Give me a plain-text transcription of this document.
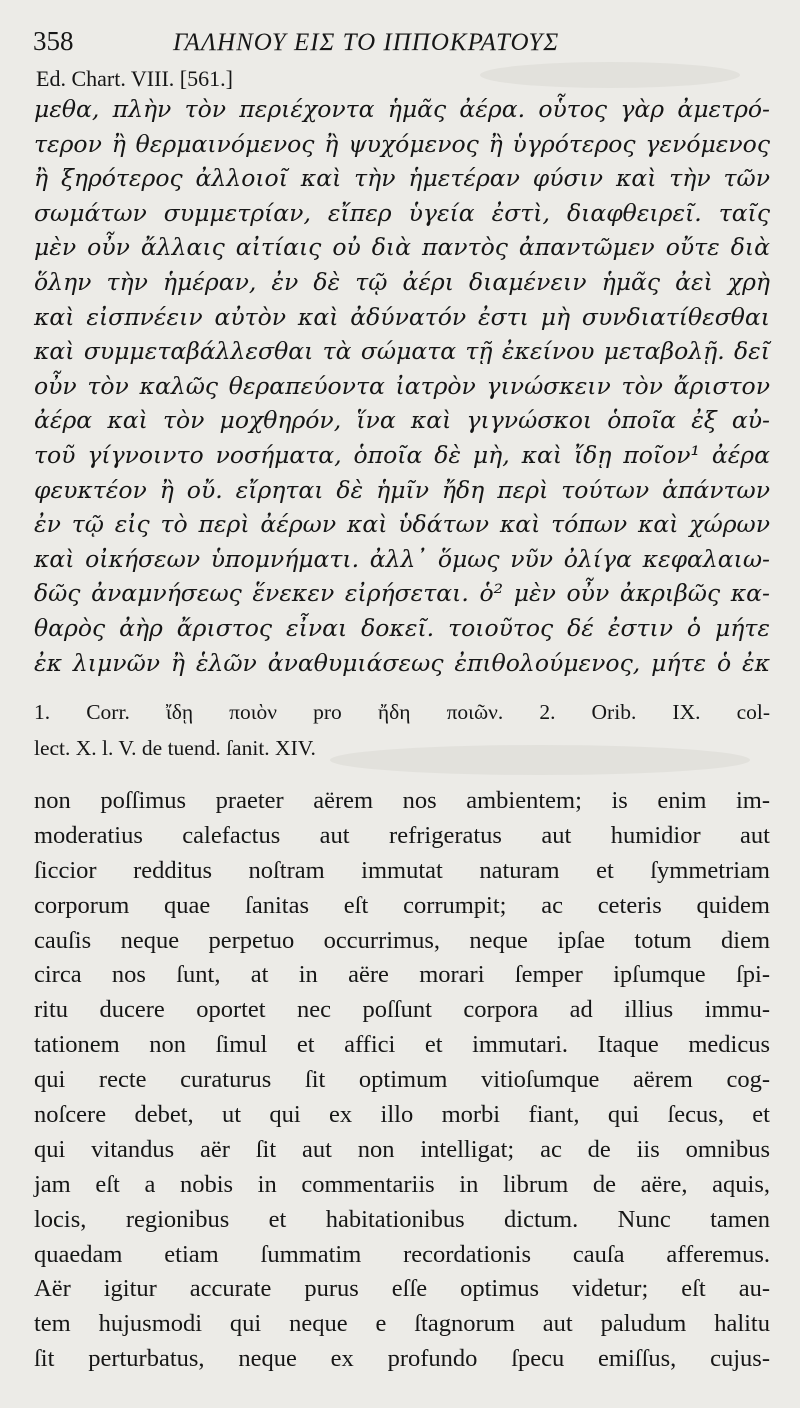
358	ΓΑΛΗΝΟΥ ΕΙΣ ΤΟ ΙΠΠΟΚΡΑΤΟΥΣ
Ed. Chart. VIII. [561.]
μεθα, πλὴν τὸν περιέχοντα ἡμᾶς ἀέρα. οὗτος γὰρ ἀμετρό-
τερον ἢ θερμαινόμενος ἢ ψυχόμενος ἢ ὑγρότερος γενόμενος
ἢ ξηρότερος ἀλλοιοῖ καὶ τὴν ἡμετέραν φύσιν καὶ τὴν τῶν
σωμάτων συμμετρίαν, εἴπερ ὑγεία ἐστὶ, διαφθειρεῖ. ταῖς
μὲν οὖν ἄλλαις αἰτίαις οὐ διὰ παντὸς ἀπαντῶμεν οὔτε διὰ
ὅλην τὴν ἡμέραν, ἐν δὲ τῷ ἀέρι διαμένειν ἡμᾶς ἀεὶ χρὴ
καὶ εἰσπνέειν αὐτὸν καὶ ἀδύνατόν ἐστι μὴ συνδιατίθεσθαι
καὶ συμμεταβάλλεσθαι τὰ σώματα τῇ ἐκείνου μεταβολῇ. δεῖ
οὖν τὸν καλῶς θεραπεύοντα ἰατρὸν γινώσκειν τὸν ἄριστον
ἀέρα καὶ τὸν μοχθηρόν, ἵνα καὶ γιγνώσκοι ὁποῖα ἐξ αὐ-
τοῦ γίγνοιντο νοσήματα, ὁποῖα δὲ μὴ, καὶ ἴδῃ ποῖον¹ ἀέρα
φευκτέον ἢ οὔ. εἴρηται δὲ ἡμῖν ἤδη περὶ τούτων ἁπάντων
ἐν τῷ εἰς τὸ περὶ ἀέρων καὶ ὑδάτων καὶ τόπων καὶ χώρων
καὶ οἰκήσεων ὑπομνήματι. ἀλλ᾽ ὅμως νῦν ὀλίγα κεφαλαιω-
δῶς ἀναμνήσεως ἕνεκεν εἰρήσεται. ὁ² μὲν οὖν ἀκριβῶς κα-
θαρὸς ἀὴρ ἄριστος εἶναι δοκεῖ. τοιοῦτος δέ ἐστιν ὁ μήτε
ἐκ λιμνῶν ἢ ἑλῶν ἀναθυμιάσεως ἐπιθολούμενος, μήτε ὁ ἐκ
1. Corr. ἴδῃ ποιὸν pro ἤδη ποιῶν. 2. Orib. IX. col-
lect. X. l. V. de tuend. ſanit. XIV.
non poſſimus praeter aërem nos ambientem; is enim im-
moderatius calefactus aut refrigeratus aut humidior aut
ſiccior redditus noſtram immutat naturam et ſymmetriam
corporum quae ſanitas eſt corrumpit; ac ceteris quidem
cauſis neque perpetuo occurrimus, neque ipſae totum diem
circa nos ſunt, at in aëre morari ſemper ipſumque ſpi-
ritu ducere oportet nec poſſunt corpora ad illius immu-
tationem non ſimul et affici et immutari. Itaque medicus
qui recte curaturus ſit optimum vitioſumque aërem cog-
noſcere debet, ut qui ex illo morbi fiant, qui ſecus, et
qui vitandus aër ſit aut non intelligat; ac de iis omnibus
jam eſt a nobis in commentariis in librum de aëre, aquis,
locis, regionibus et habitationibus dictum. Nunc tamen
quaedam etiam ſummatim recordationis cauſa afferemus.
Aër igitur accurate purus eſſe optimus videtur; eſt au-
tem hujusmodi qui neque e ſtagnorum aut paludum halitu
ſit perturbatus, neque ex profundo ſpecu emiſſus, cujus-
